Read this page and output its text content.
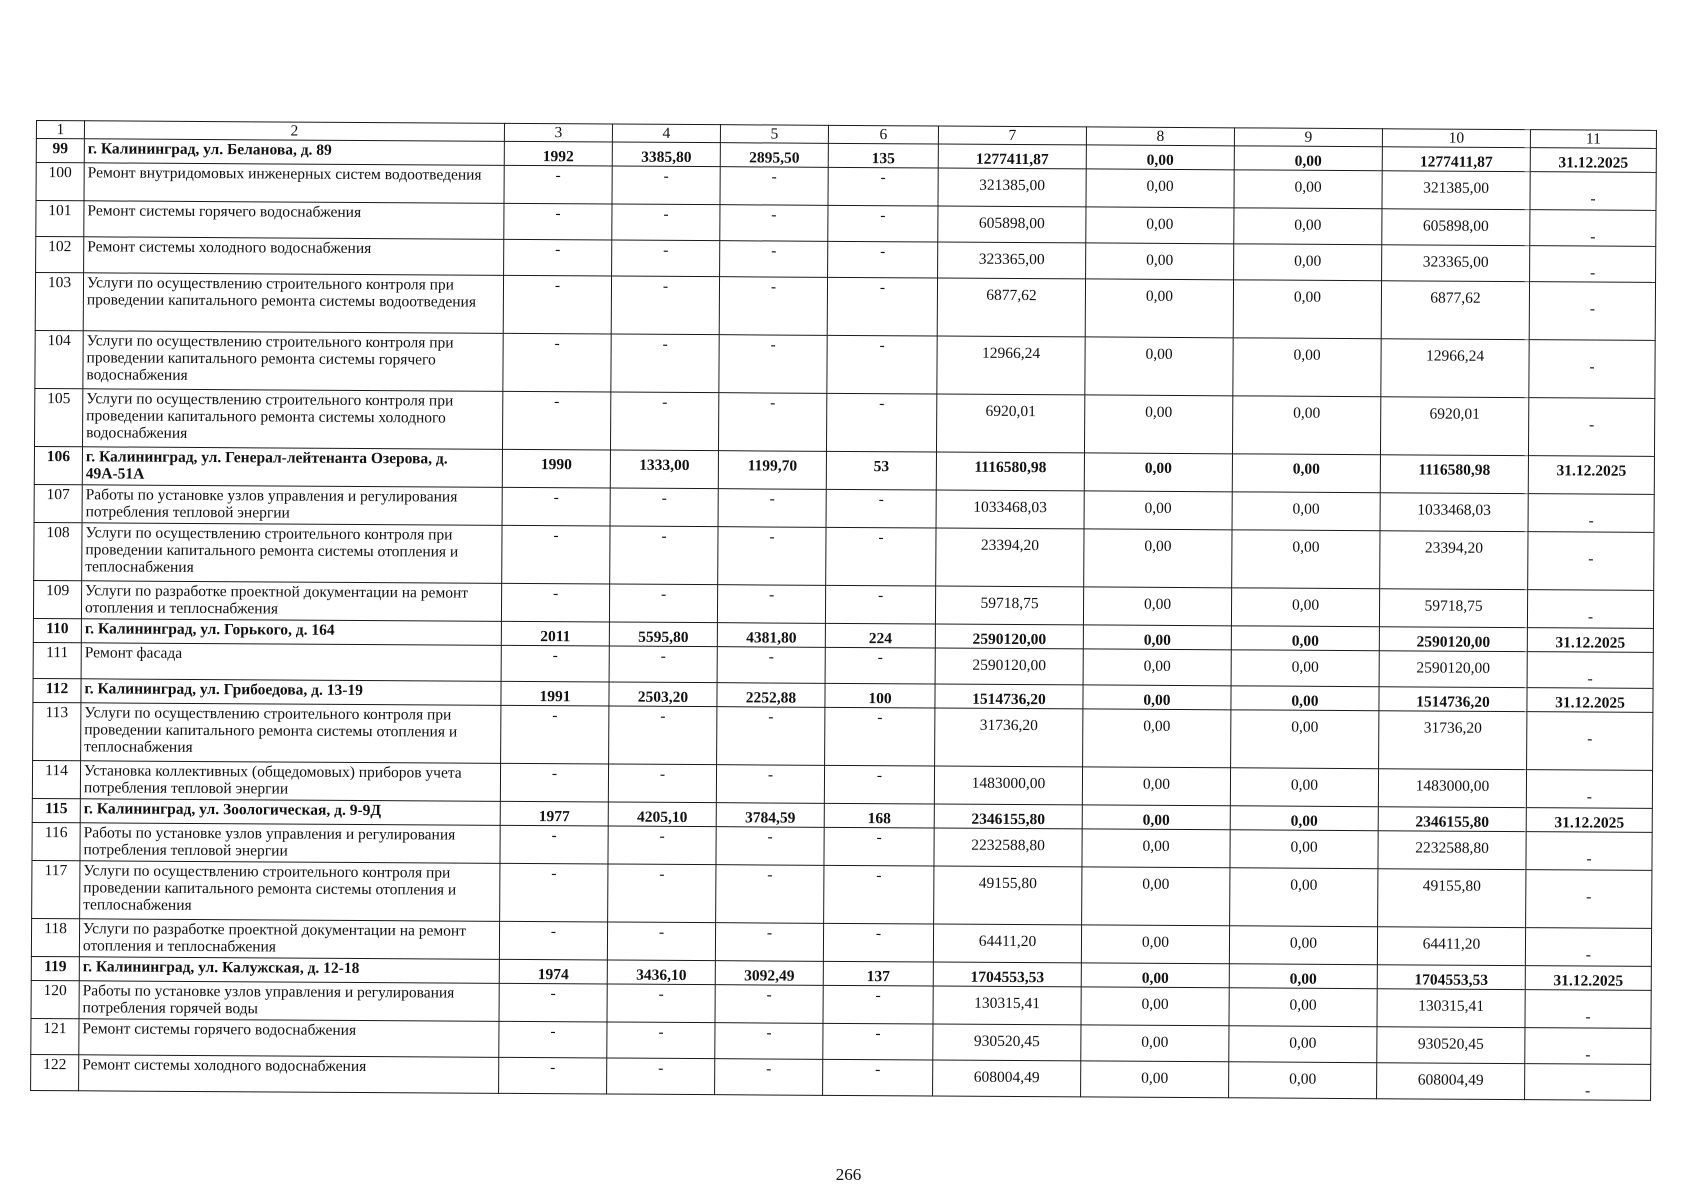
1	2	3	4	5	6	7	8	9	10	11
99	г. Калининград, ул. Беланова, д. 89	1992	3385,80	2895,50	135	1277411,87	0,00	0,00	1277411,87	31.12.2025
100	Ремонт внутридомовых инженерных систем водоотведения	-	-	-	-	321385,00	0,00	0,00	321385,00	-
101	Ремонт системы горячего водоснабжения	-	-	-	-	605898,00	0,00	0,00	605898,00	-
102	Ремонт системы холодного водоснабжения	-	-	-	-	323365,00	0,00	0,00	323365,00	-
103	Услуги по осуществлению строительного контроля при проведении капитального ремонта системы водоотведения	-	-	-	-	6877,62	0,00	0,00	6877,62	-
104	Услуги по осуществлению строительного контроля при проведении капитального ремонта системы горячего водоснабжения	-	-	-	-	12966,24	0,00	0,00	12966,24	-
105	Услуги по осуществлению строительного контроля при проведении капитального ремонта системы холодного водоснабжения	-	-	-	-	6920,01	0,00	0,00	6920,01	-
106	г. Калининград, ул. Генерал-лейтенанта Озерова, д. 49А-51А	1990	1333,00	1199,70	53	1116580,98	0,00	0,00	1116580,98	31.12.2025
107	Работы по установке узлов управления и регулирования потребления тепловой энергии	-	-	-	-	1033468,03	0,00	0,00	1033468,03	-
108	Услуги по осуществлению строительного контроля при проведении капитального ремонта системы отопления и теплоснабжения	-	-	-	-	23394,20	0,00	0,00	23394,20	-
109	Услуги по разработке проектной документации на ремонт отопления и теплоснабжения	-	-	-	-	59718,75	0,00	0,00	59718,75	-
110	г. Калининград, ул. Горького, д. 164	2011	5595,80	4381,80	224	2590120,00	0,00	0,00	2590120,00	31.12.2025
111	Ремонт фасада	-	-	-	-	2590120,00	0,00	0,00	2590120,00	-
112	г. Калининград, ул. Грибоедова, д. 13-19	1991	2503,20	2252,88	100	1514736,20	0,00	0,00	1514736,20	31.12.2025
113	Услуги по осуществлению строительного контроля при проведении капитального ремонта системы отопления и теплоснабжения	-	-	-	-	31736,20	0,00	0,00	31736,20	-
114	Установка коллективных (общедомовых) приборов учета потребления тепловой энергии	-	-	-	-	1483000,00	0,00	0,00	1483000,00	-
115	г. Калининград, ул. Зоологическая, д. 9-9Д	1977	4205,10	3784,59	168	2346155,80	0,00	0,00	2346155,80	31.12.2025
116	Работы по установке узлов управления и регулирования потребления тепловой энергии	-	-	-	-	2232588,80	0,00	0,00	2232588,80	-
117	Услуги по осуществлению строительного контроля при проведении капитального ремонта системы отопления и теплоснабжения	-	-	-	-	49155,80	0,00	0,00	49155,80	-
118	Услуги по разработке проектной документации на ремонт отопления и теплоснабжения	-	-	-	-	64411,20	0,00	0,00	64411,20	-
119	г. Калининград, ул. Калужская, д. 12-18	1974	3436,10	3092,49	137	1704553,53	0,00	0,00	1704553,53	31.12.2025
120	Работы по установке узлов управления и регулирования потребления горячей воды	-	-	-	-	130315,41	0,00	0,00	130315,41	-
121	Ремонт системы горячего водоснабжения	-	-	-	-	930520,45	0,00	0,00	930520,45	-
122	Ремонт системы холодного водоснабжения	-	-	-	-	608004,49	0,00	0,00	608004,49	-
266
